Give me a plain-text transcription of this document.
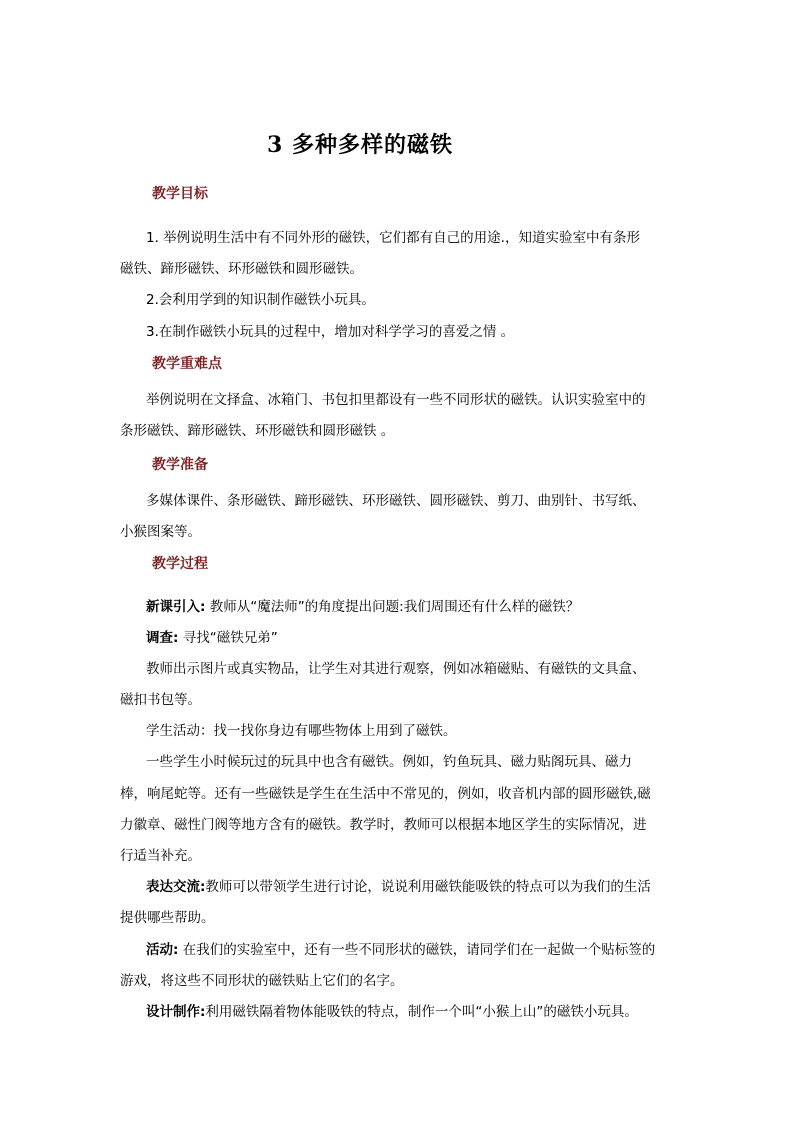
3 多种多样的磁铁
教学目标
1. 举例说明生活中有不同外形的磁铁，它们都有自己的用途.，知道实验室中有条形
磁铁、蹄形磁铁、环形磁铁和圆形磁铁。
2.会利用学到的知识制作磁铁小玩具。
3.在制作磁铁小玩具的过程中，增加对科学学习的喜爱之情 。
教学重难点
举例说明在文择盒、冰箱门、书包扣里都设有一些不同形状的磁铁。认识实验室中的
条形磁铁、蹄形磁铁、环形磁铁和圆形磁铁 。
教学准备
多媒体课件、条形磁铁、蹄形磁铁、环形磁铁、圆形磁铁、剪刀、曲别针、书写纸、
小猴图案等。
教学过程
新课引入: 教师从“魔法师”的角度提出问题:我们周围还有什么样的磁铁？
调查: 寻找“磁铁兄弟”
教师出示图片或真实物品，让学生对其进行观察，例如冰箱磁贴、有磁铁的文具盒、
磁扣书包等。
学生活动：找一找你身边有哪些物体上用到了磁铁。
一些学生小时候玩过的玩具中也含有磁铁。例如，钓鱼玩具、磁力贴阁玩具、磁力
棒，响尾蛇等。还有一些磁铁是学生在生活中不常见的，例如，收音机内部的圆形磁铁,磁
力徽章、磁性门阀等地方含有的磁铁。教学时，教师可以根据本地区学生的实际情况，进
行适当补充。
表达交流:教师可以带领学生进行讨论，说说利用磁铁能吸铁的特点可以为我们的生活
提供哪些帮助。
活动: 在我们的实验室中，还有一些不同形状的磁铁，请同学们在一起做一个贴标签的
游戏，将这些不同形状的磁铁贴上它们的名字。
设计制作:利用磁铁隔着物体能吸铁的特点，制作一个叫“小猴上山”的磁铁小玩具。
